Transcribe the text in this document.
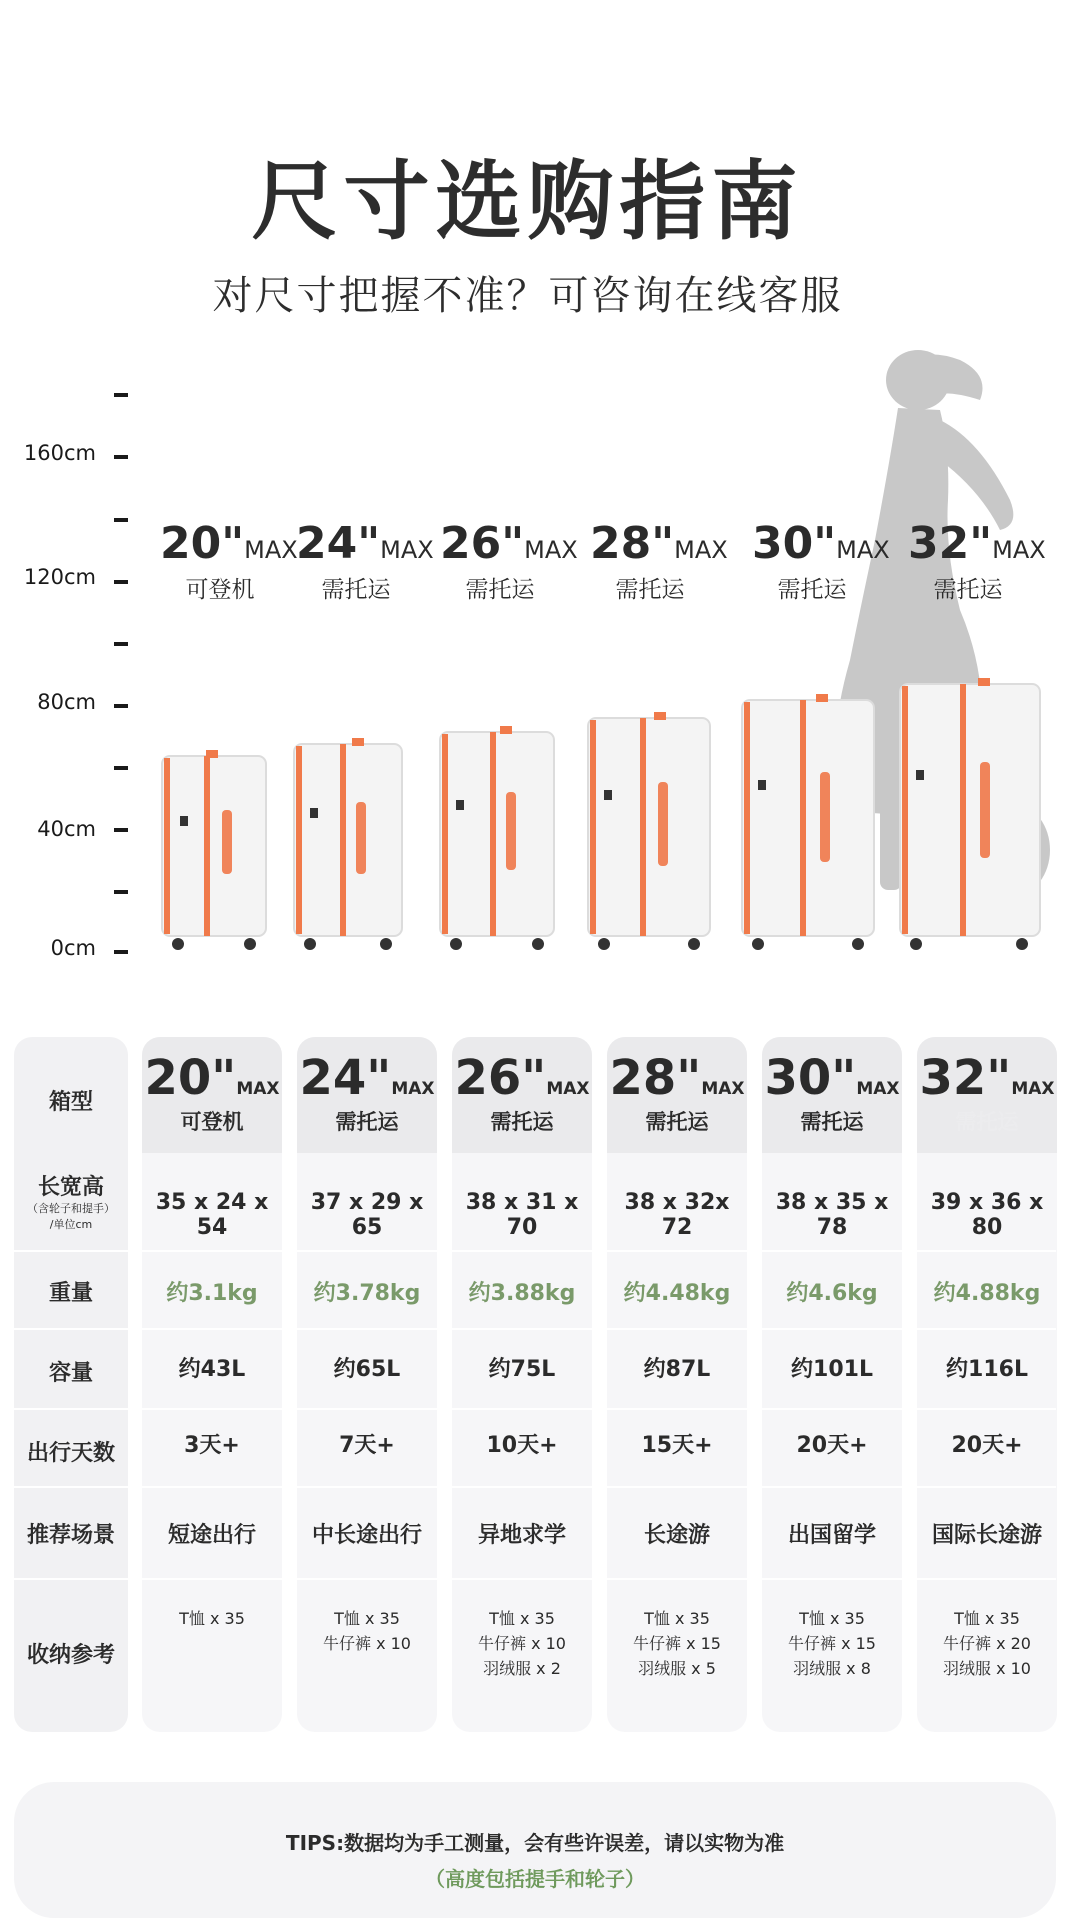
尺寸选购指南
对尺寸把握不准？可咨询在线客服
160cm
120cm
80cm
40cm
0cm
20"MAX
可登机
24"MAX
需托运
26"MAX
需托运
28"MAX
需托运
30"MAX
需托运
32"MAX
需托运
箱型
长宽高
（含轮子和提手）
/单位cm
重量
容量
出行天数
推荐场景
收纳参考
20"MAX
可登机
35 x 24 x 54
约3.1kg
约43L
3天+
短途出行
T恤 x 35
24"MAX
需托运
37 x 29 x 65
约3.78kg
约65L
7天+
中长途出行
T恤 x 35
牛仔裤 x 10
26"MAX
需托运
38 x 31 x 70
约3.88kg
约75L
10天+
异地求学
T恤 x 35
牛仔裤 x 10
羽绒服 x 2
28"MAX
需托运
38 x 32x 72
约4.48kg
约87L
15天+
长途游
T恤 x 35
牛仔裤 x 15
羽绒服 x 5
30"MAX
需托运
38 x 35 x 78
约4.6kg
约101L
20天+
出国留学
T恤 x 35
牛仔裤 x 15
羽绒服 x 8
32"MAX
需托运
39 x 36 x 80
约4.88kg
约116L
20天+
国际长途游
T恤 x 35
牛仔裤 x 20
羽绒服 x 10
TIPS:数据均为手工测量，会有些许误差，请以实物为准
（高度包括提手和轮子）
